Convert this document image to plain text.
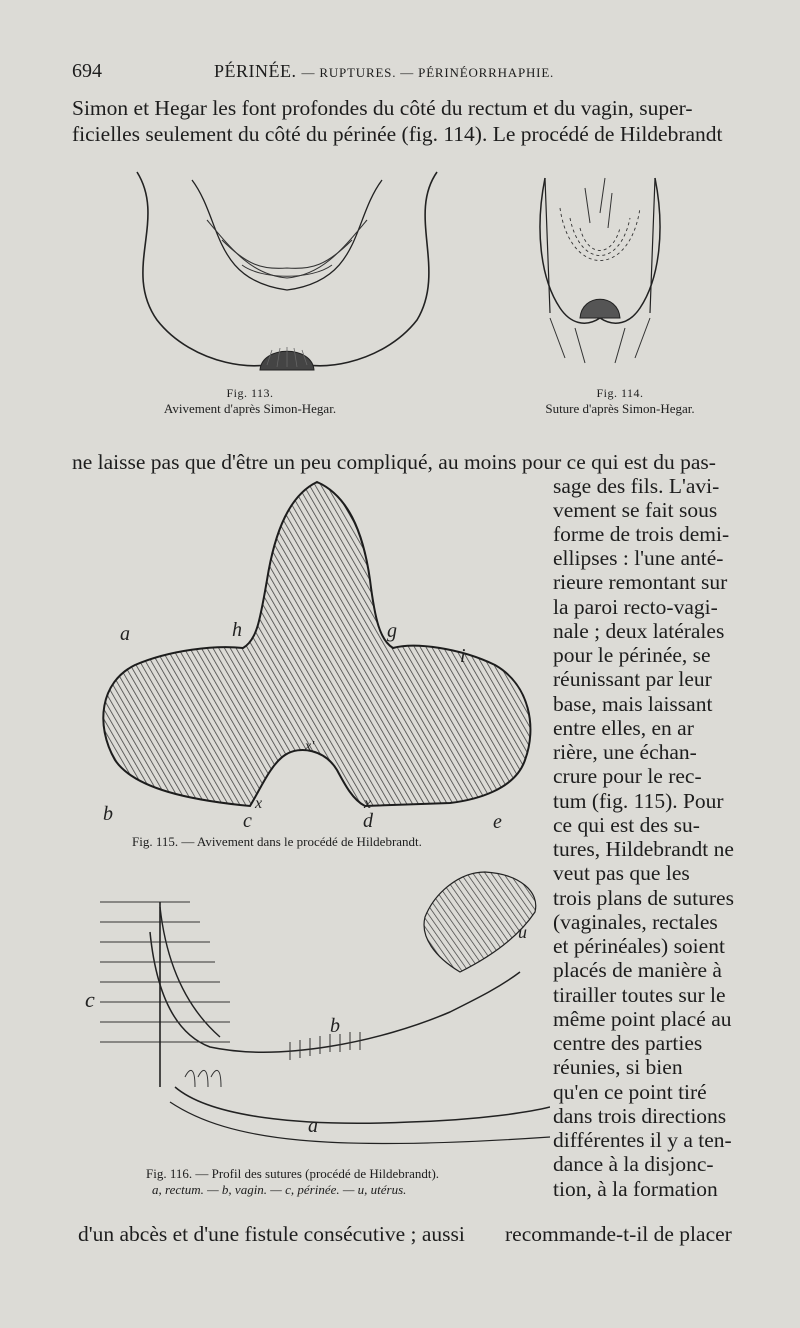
694	PÉRINÉE. — RUPTURES. — PÉRINÉORRHAPHIE.
Simon et Hegar les font profondes du côté du rectum et du vagin, super-
ficielles seulement du côté du périnée (fig. 114). Le procédé de Hildebrandt
Fig. 113.
Avivement d'après Simon-Hegar.
Fig. 114.
Suture d'après Simon-Hegar.
ne laisse pas que d'être un peu compliqué, au moins pour ce qui est du pas-
sage des fils. L'avi-
vement se fait sous
forme de trois demi-
ellipses : l'une anté-
rieure remontant sur
la paroi recto-vagi-
nale ; deux latérales
pour le périnée, se
réunissant par leur
base, mais laissant
entre elles, en ar
rière, une échan-
crure pour le rec-
tum (fig. 115). Pour
ce qui est des su-
tures, Hildebrandt ne
veut pas que les
trois plans de sutures
(vaginales, rectales
et périnéales) soient
placés de manière à
tirailler toutes sur le
même point placé au
centre des parties
réunies, si bien
qu'en ce point tiré
dans trois directions
différentes il y a ten-
dance à la disjonc-
tion, à la formation
a
b	c	d	e
g
h
i
x	x
x'
Fig. 115. — Avivement dans le procédé de Hildebrandt.
c
b
a
u
Fig. 116. — Profil des sutures (procédé de Hildebrandt).
a, rectum. — b, vagin. — c, périnée. — u, utérus.
d'un abcès et d'une fistule consécutive ; aussi recommande-t-il de placer
